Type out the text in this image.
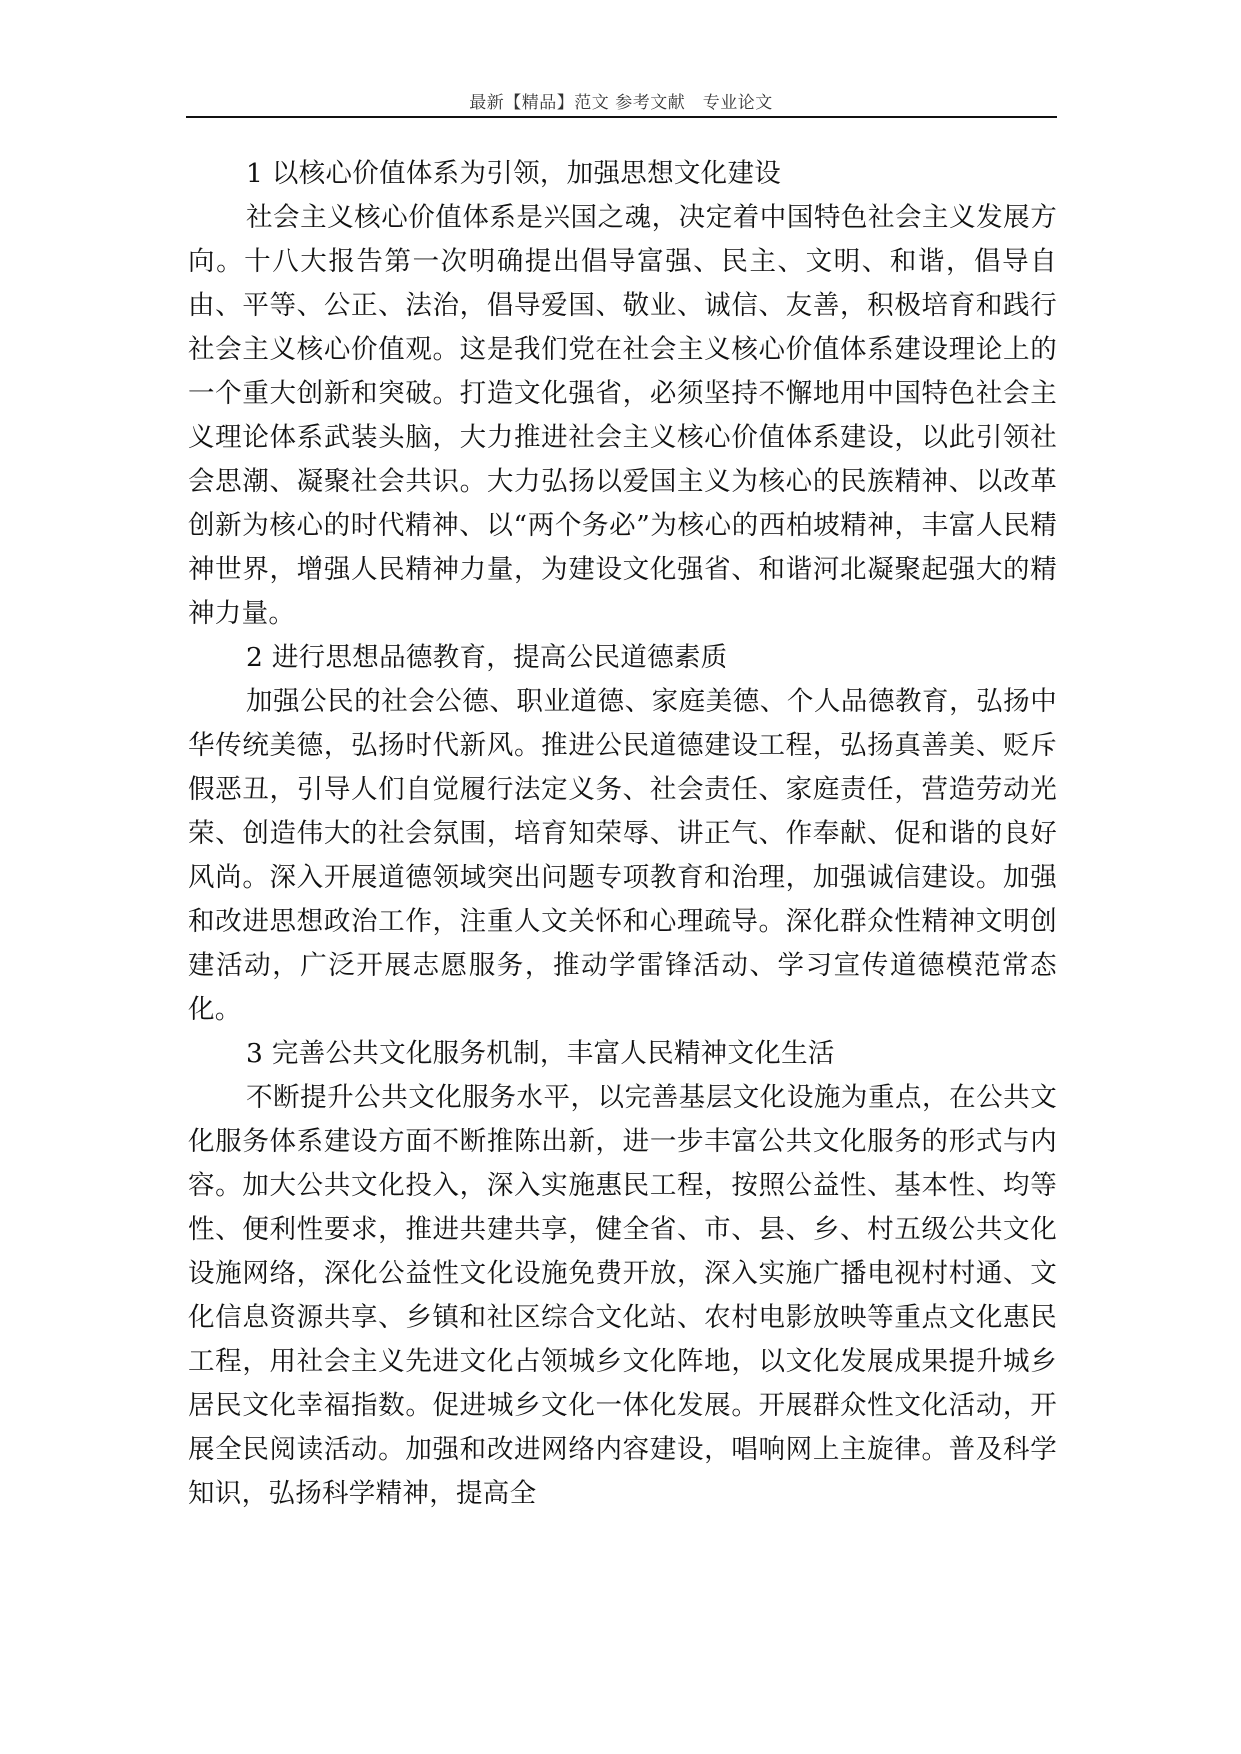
最新【精品】范文 参考文献　专业论文

1 以核心价值体系为引领，加强思想文化建设

社会主义核心价值体系是兴国之魂，决定着中国特色社会主义发展方向。十八大报告第一次明确提出倡导富强、民主、文明、和谐，倡导自由、平等、公正、法治，倡导爱国、敬业、诚信、友善，积极培育和践行社会主义核心价值观。这是我们党在社会主义核心价值体系建设理论上的一个重大创新和突破。打造文化强省，必须坚持不懈地用中国特色社会主义理论体系武装头脑，大力推进社会主义核心价值体系建设，以此引领社会思潮、凝聚社会共识。大力弘扬以爱国主义为核心的民族精神、以改革创新为核心的时代精神、以“两个务必”为核心的西柏坡精神，丰富人民精神世界，增强人民精神力量，为建设文化强省、和谐河北凝聚起强大的精神力量。

2 进行思想品德教育，提高公民道德素质

加强公民的社会公德、职业道德、家庭美德、个人品德教育，弘扬中华传统美德，弘扬时代新风。推进公民道德建设工程，弘扬真善美、贬斥假恶丑，引导人们自觉履行法定义务、社会责任、家庭责任，营造劳动光荣、创造伟大的社会氛围，培育知荣辱、讲正气、作奉献、促和谐的良好风尚。深入开展道德领域突出问题专项教育和治理，加强诚信建设。加强和改进思想政治工作，注重人文关怀和心理疏导。深化群众性精神文明创建活动，广泛开展志愿服务，推动学雷锋活动、学习宣传道德模范常态化。

3 完善公共文化服务机制，丰富人民精神文化生活

不断提升公共文化服务水平，以完善基层文化设施为重点，在公共文化服务体系建设方面不断推陈出新，进一步丰富公共文化服务的形式与内容。加大公共文化投入，深入实施惠民工程，按照公益性、基本性、均等性、便利性要求，推进共建共享，健全省、市、县、乡、村五级公共文化设施网络，深化公益性文化设施免费开放，深入实施广播电视村村通、文化信息资源共享、乡镇和社区综合文化站、农村电影放映等重点文化惠民工程，用社会主义先进文化占领城乡文化阵地，以文化发展成果提升城乡居民文化幸福指数。促进城乡文化一体化发展。开展群众性文化活动，开展全民阅读活动。加强和改进网络内容建设，唱响网上主旋律。普及科学知识，弘扬科学精神，提高全
